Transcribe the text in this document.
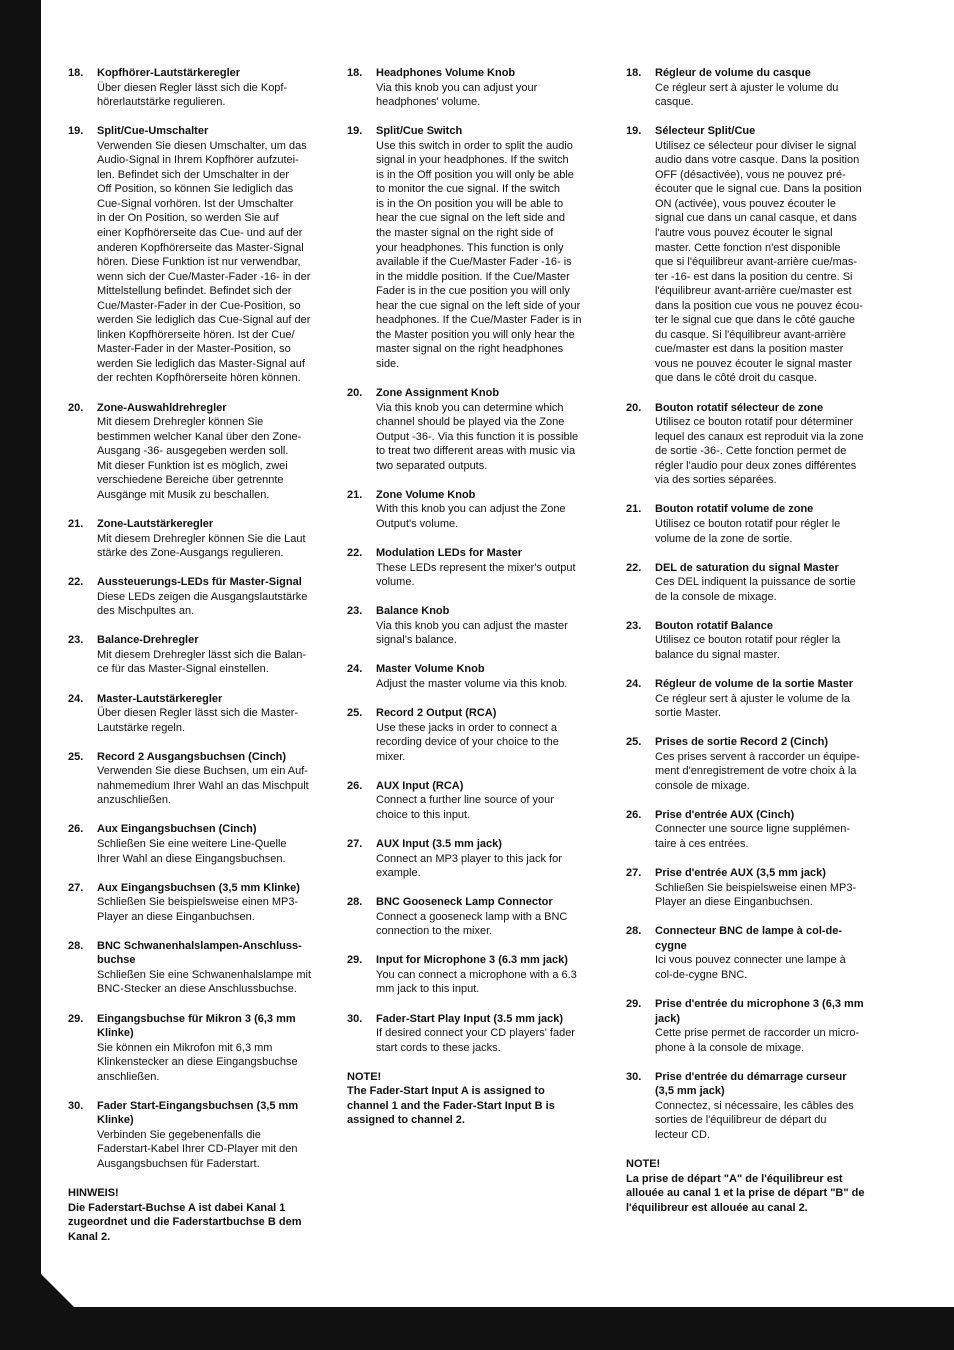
18.	Kopfhörer-Lautstärkeregler
Über diesen Regler lässt sich die Kopf-
hörerlautstärke regulieren.
19.	Split/Cue-Umschalter
Verwenden Sie diesen Umschalter, um das
Audio-Signal in Ihrem Kopfhörer aufzutei-
len. Befindet sich der Umschalter in der
Off Position, so können Sie lediglich das
Cue-Signal vorhören. Ist der Umschalter
in der On Position, so werden Sie auf
einer Kopfhörerseite das Cue- und auf der
anderen Kopfhörerseite das Master-Signal
hören. Diese Funktion ist nur verwendbar,
wenn sich der Cue/Master-Fader -16- in der
Mittelstellung befindet. Befindet sich der
Cue/Master-Fader in der Cue-Position, so
werden Sie lediglich das Cue-Signal auf der
linken Kopfhörerseite hören. Ist der Cue/
Master-Fader in der Master-Position, so
werden Sie lediglich das Master-Signal auf
der rechten Kopfhörerseite hören können.
20.	Zone-Auswahldrehregler
Mit diesem Drehregler können Sie
bestimmen welcher Kanal über den Zone-
Ausgang -36- ausgegeben werden soll.
Mit dieser Funktion ist es möglich, zwei
verschiedene Bereiche über getrennte
Ausgänge mit Musik zu beschallen.
21.	Zone-Lautstärkeregler
Mit diesem Drehregler können Sie die Laut
stärke des Zone-Ausgangs regulieren.
22.	Aussteuerungs-LEDs für Master-Signal
Diese LEDs zeigen die Ausgangslautstärke
des Mischpultes an.
23.	Balance-Drehregler
Mit diesem Drehregler lässt sich die Balan-
ce für das Master-Signal einstellen.
24.	Master-Lautstärkeregler
Über diesen Regler lässt sich die Master-
Lautstärke regeln.
25.	Record 2 Ausgangsbuchsen (Cinch)
Verwenden Sie diese Buchsen, um ein Auf-
nahmemedium Ihrer Wahl an das Mischpult
anzuschließen.
26.	Aux Eingangsbuchsen (Cinch)
Schließen Sie eine weitere Line-Quelle
Ihrer Wahl an diese Eingangsbuchsen.
27.	Aux Eingangsbuchsen (3,5 mm Klinke)
Schließen Sie beispielsweise einen MP3-
Player an diese Einganbuchsen.
28.	BNC Schwanenhalslampen-Anschluss-
buchse
Schließen Sie eine Schwanenhalslampe mit
BNC-Stecker an diese Anschlussbuchse.
29.	Eingangsbuchse für Mikron 3 (6,3 mm
Klinke)
Sie können ein Mikrofon mit 6,3 mm
Klinkenstecker an diese Eingangsbuchse
anschließen.
30.	Fader Start-Eingangsbuchsen (3,5 mm
Klinke)
Verbinden Sie gegebenenfalls die
Faderstart-Kabel Ihrer CD-Player mit den
Ausgangsbuchsen für Faderstart.
HINWEIS!
Die Faderstart-Buchse A ist dabei Kanal 1
zugeordnet und die Faderstartbuchse B dem
Kanal 2.
18.	Headphones Volume Knob
Via this knob you can adjust your
headphones' volume.
19.	Split/Cue Switch
Use this switch in order to split the audio
signal in your headphones. If the switch
is in the Off position you will only be able
to monitor the cue signal. If the switch
is in the On position you will be able to
hear the cue signal on the left side and
the master signal on the right side of
your headphones. This function is only
available if the Cue/Master Fader -16- is
in the middle position. If the Cue/Master
Fader is in the cue position you will only
hear the cue signal on the left side of your
headphones. If the Cue/Master Fader is in
the Master position you will only hear the
master signal on the right headphones
side.
20.	Zone Assignment Knob
Via this knob you can determine which
channel should be played via the Zone
Output -36-. Via this function it is possible
to treat two different areas with music via
two separated outputs.
21.	Zone Volume Knob
With this knob you can adjust the Zone
Output's volume.
22.	Modulation LEDs for Master
These LEDs represent the mixer's output
volume.
23.	Balance Knob
Via this knob you can adjust the master
signal's balance.
24.	Master Volume Knob
Adjust the master volume via this knob.
25.	Record 2 Output (RCA)
Use these jacks in order to connect a
recording device of your choice to the
mixer.
26.	AUX Input (RCA)
Connect a further line source of your
choice to this input.
27.	AUX Input (3.5 mm jack)
Connect an MP3 player to this jack for
example.
28.	BNC Gooseneck Lamp Connector
Connect a gooseneck lamp with a BNC
connection to the mixer.
29.	Input for Microphone 3 (6.3 mm jack)
You can connect a microphone with a 6.3
mm jack to this input.
30.	Fader-Start Play Input (3.5 mm jack)
If desired connect your CD players' fader
start cords to these jacks.
NOTE!
The Fader-Start Input A is assigned to
channel 1 and the Fader-Start Input B is
assigned to channel 2.
18.	Régleur de volume du casque
Ce régleur sert à ajuster le volume du
casque.
19.	Sélecteur Split/Cue
Utilisez ce sélecteur pour diviser le signal
audio dans votre casque. Dans la position
OFF (désactivée), vous ne pouvez pré-
écouter que le signal cue. Dans la position
ON (activée), vous pouvez écouter le
signal cue dans un canal casque, et dans
l'autre vous pouvez écouter le signal
master. Cette fonction n'est disponible
que si l'équilibreur avant-arrière cue/mas-
ter -16- est dans la position du centre. Si
l'équilibreur avant-arrière cue/master est
dans la position cue vous ne pouvez écou-
ter le signal cue que dans le côté gauche
du casque. Si l'équilibreur avant-arrière
cue/master est dans la position master
vous ne pouvez écouter le signal master
que dans le côté droit du casque.
20.	Bouton rotatif sélecteur de zone
Utilisez ce bouton rotatif pour déterminer
lequel des canaux est reproduit via la zone
de sortie -36-. Cette fonction permet de
régler l'audio pour deux zones différentes
via des sorties séparées.
21.	Bouton rotatif volume de zone
Utilisez ce bouton rotatif pour régler le
volume de la zone de sortie.
22.	DEL de saturation du signal Master
Ces DEL indiquent la puissance de sortie
de la console de mixage.
23.	Bouton rotatif Balance
Utilisez ce bouton rotatif pour régler la
balance du signal master.
24.	Régleur de volume de la sortie Master
Ce régleur sert à ajuster le volume de la
sortie Master.
25.	Prises de sortie Record 2 (Cinch)
Ces prises servent à raccorder un équipe-
ment d'enregistrement de votre choix à la
console de mixage.
26.	Prise d'entrée AUX (Cinch)
Connecter une source ligne supplémen-
taire à ces entrées.
27.	Prise d'entrée AUX (3,5 mm jack)
Schließen Sie beispielsweise einen MP3-
Player an diese Einganbuchsen.
28.	Connecteur BNC de lampe à col-de-
cygne
Ici vous pouvez connecter une lampe à
col-de-cygne BNC.
29.	Prise d'entrée du microphone 3 (6,3 mm
jack)
Cette prise permet de raccorder un micro-
phone à la console de mixage.
30.	Prise d'entrée du démarrage curseur
(3,5 mm jack)
Connectez, si nécessaire, les câbles des
sorties de l'équilibreur de départ du
lecteur CD.
NOTE!
La prise de départ "A" de l'équilibreur est
allouée au canal 1 et la prise de départ "B" de
l'équilibreur est allouée au canal 2.
